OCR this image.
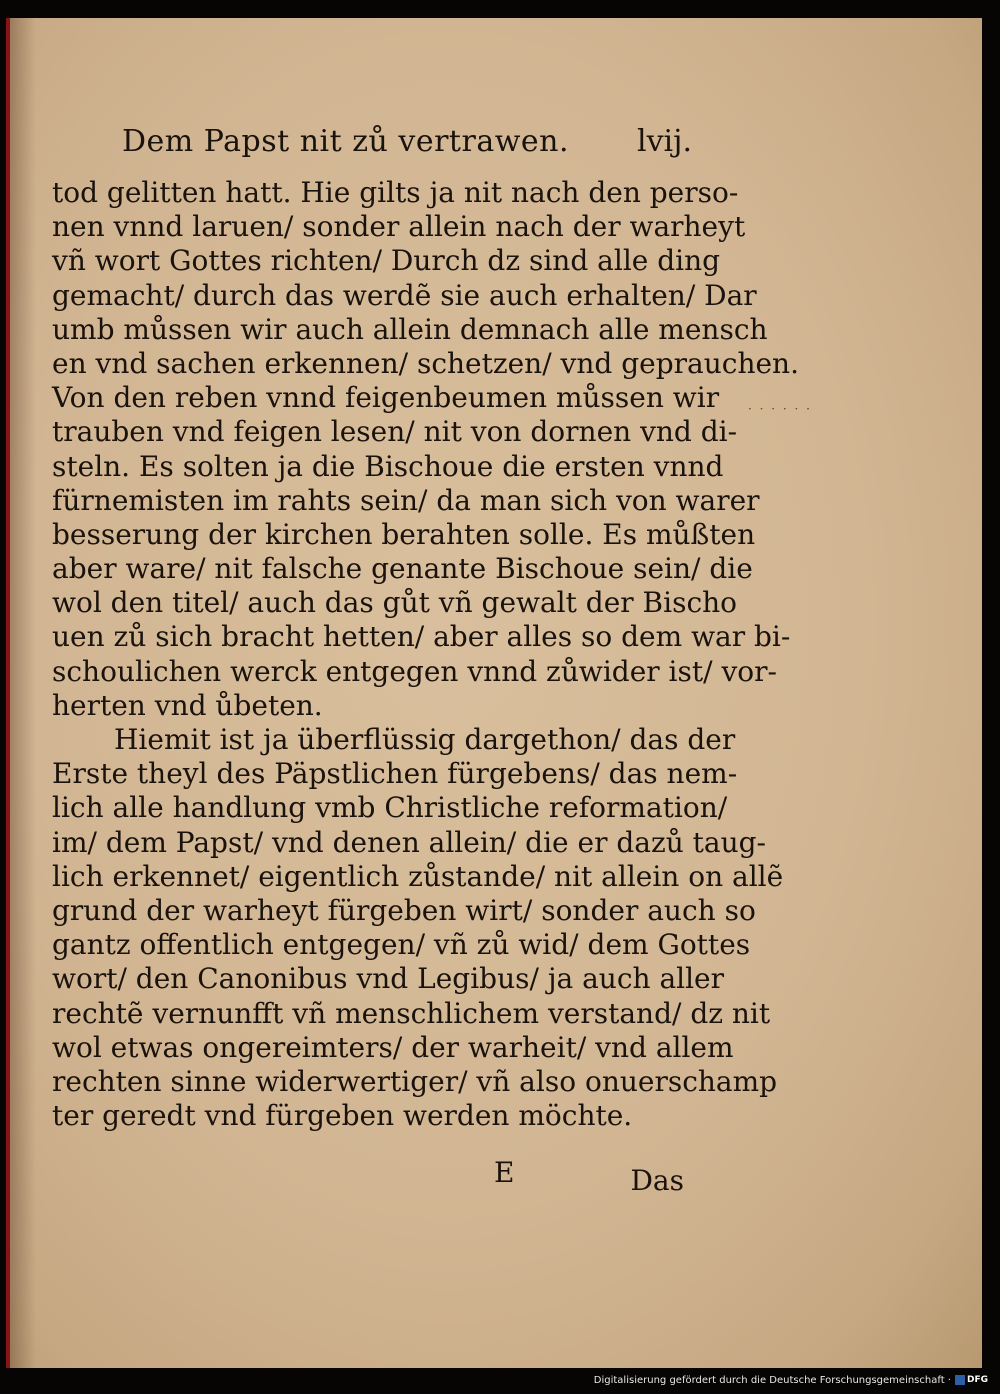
Dem Papst nit zů vertrawen. lvij.
tod gelitten hatt. Hie gilts ja nit nach den perso-
nen vnnd laruen/ sonder allein nach der warheyt
vñ wort Gottes richten/ Durch dz sind alle ding
gemacht/ durch das werdẽ sie auch erhalten/ Dar
umb můssen wir auch allein demnach alle mensch
en vnd sachen erkennen/ schetzen/ vnd geprauchen.
Von den reben vnnd feigenbeumen můssen wir
trauben vnd feigen lesen/ nit von dornen vnd di-
steln. Es solten ja die Bischoue die ersten vnnd
fürnemisten im rahts sein/ da man sich von warer
besserung der kirchen berahten solle. Es můßten
aber ware/ nit falsche genante Bischoue sein/ die
wol den titel/ auch das gůt vñ gewalt der Bischo
uen zů sich bracht hetten/ aber alles so dem war bi-
schoulichen werck entgegen vnnd zůwider ist/ vor-
herten vnd ůbeten.
Hiemit ist ja überflüssig dargethon/ das der
Erste theyl des Päpstlichen fürgebens/ das nem-
lich alle handlung vmb Christliche reformation/
im/ dem Papst/ vnd denen allein/ die er dazů taug-
lich erkennet/ eigentlich zůstande/ nit allein on allẽ
grund der warheyt fürgeben wirt/ sonder auch so
gantz offentlich entgegen/ vñ zů wid/ dem Gottes
wort/ den Canonibus vnd Legibus/ ja auch aller
rechtẽ vernunfft vñ menschlichem verstand/ dz nit
wol etwas ongereimters/ der warheit/ vnd allem
rechten sinne widerwertiger/ vñ also onuerschamp
ter geredt vnd fürgeben werden möchte.
· · · · · ·
E	Das
Digitalisierung gefördert durch die Deutsche Forschungsgemeinschaft · DFG
